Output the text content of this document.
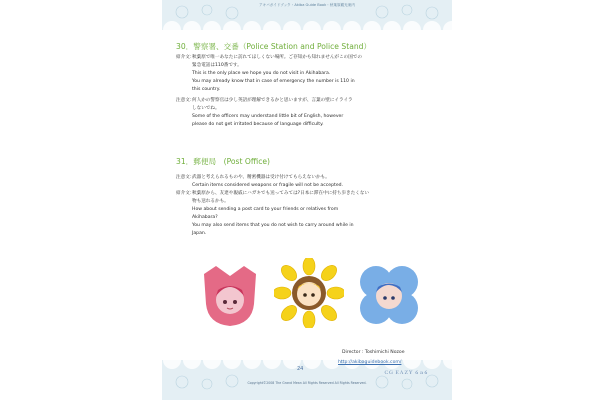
アキバガイドブック・Akiba Guide Book・秋葉原観光案内
30．警察署、交番（Police Station and Police Stand）
紹介文：秋葉原で唯一あなたに訪れてほしくない場所。ご存知かも知れませんがこの国での
緊急電話は110番です。
This is the only place we hope you do not visit in Akihabara.
You may already know that in case of emergency the number is 110 in
this country.
注意文：何人かの警察官は少し英語が理解できるかと思いますが、言葉の壁にイライラ
しないでね。
Some of the officers may understand little bit of English, however
please do not get irritated because of language difficulty.
31．郵便局　(Post Office)
注意文：武器と考えられるものや、精密機器は受け付けてもらえないかも。
Certain items considered weapons or fragile will not be accepted.
紹介文：秋葉原から、友達や親戚にハガキでも送ってみては?日本に滞在中に持ち歩きたくない
物も送れるかも。
How about sending a post card to your friends or relatives from
Akihabara?
You may also send items that you do not wish to carry around while in
Japan.
Director : Toshimichi Nozoe
http://akibaguidebook.com/
24
ＣＧ ＥＡＺＹ ６ａ６
Copyright©2008 The Grand Mean All Rights Reserved All Rights Reserved.
